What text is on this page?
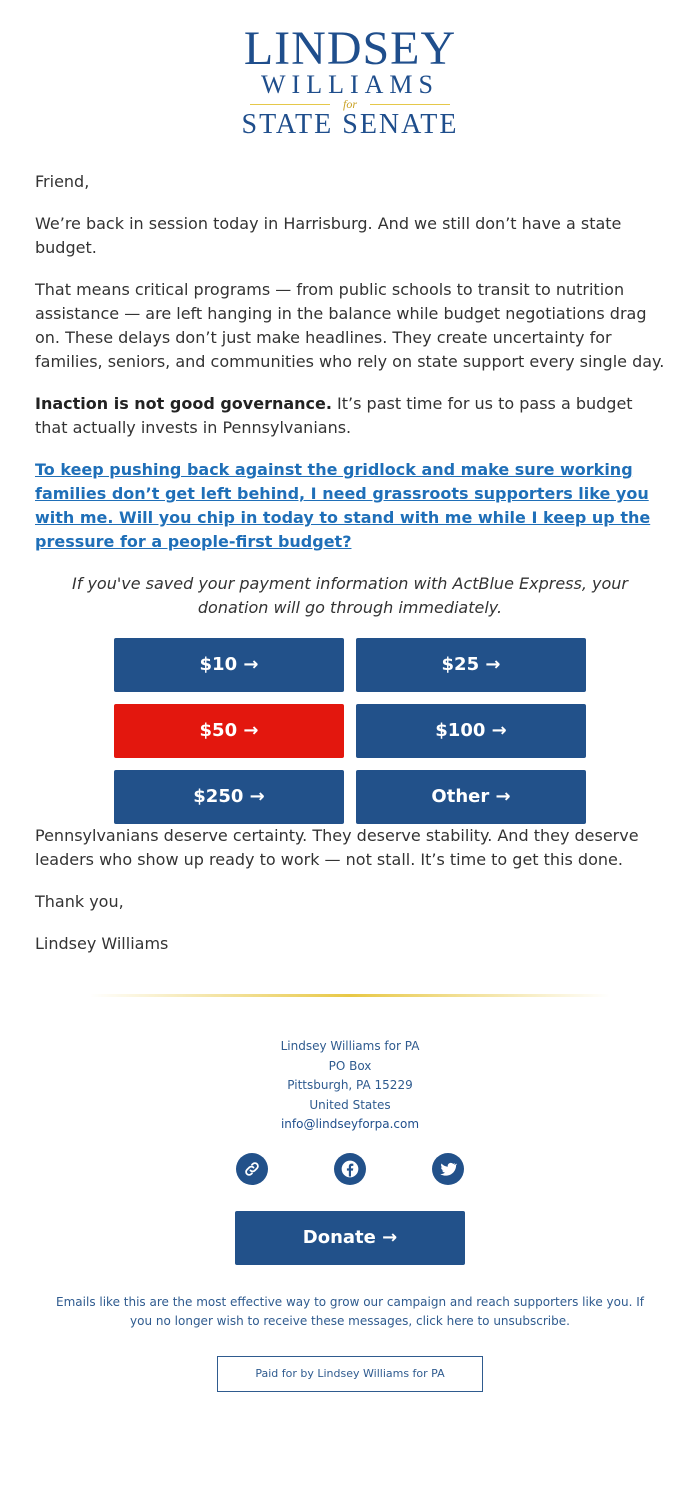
LINDSEY
WILLIAMS
for
STATE SENATE

Friend,

We’re back in session today in Harrisburg. And we still don’t have a state budget.

That means critical programs — from public schools to transit to nutrition assistance — are left hanging in the balance while budget negotiations drag on. These delays don’t just make headlines. They create uncertainty for families, seniors, and communities who rely on state support every single day.

Inaction is not good governance. It’s past time for us to pass a budget that actually invests in Pennsylvanians.

To keep pushing back against the gridlock and make sure working families don’t get left behind, I need grassroots supporters like you with me. Will you chip in today to stand with me while I keep up the pressure for a people-first budget?

If you've saved your payment information with ActBlue Express, your donation will go through immediately.

$10 →	$25 →
$50 →	$100 →
$250 →	Other →

Pennsylvanians deserve certainty. They deserve stability. And they deserve leaders who show up ready to work — not stall. It’s time to get this done.

Thank you,

Lindsey Williams

Lindsey Williams for PA
PO Box
Pittsburgh, PA 15229
United States
info@lindseyforpa.com
Donate →
Emails like this are the most effective way to grow our campaign and reach supporters like you. If you no longer wish to receive these messages, click here to unsubscribe.
Paid for by Lindsey Williams for PA
